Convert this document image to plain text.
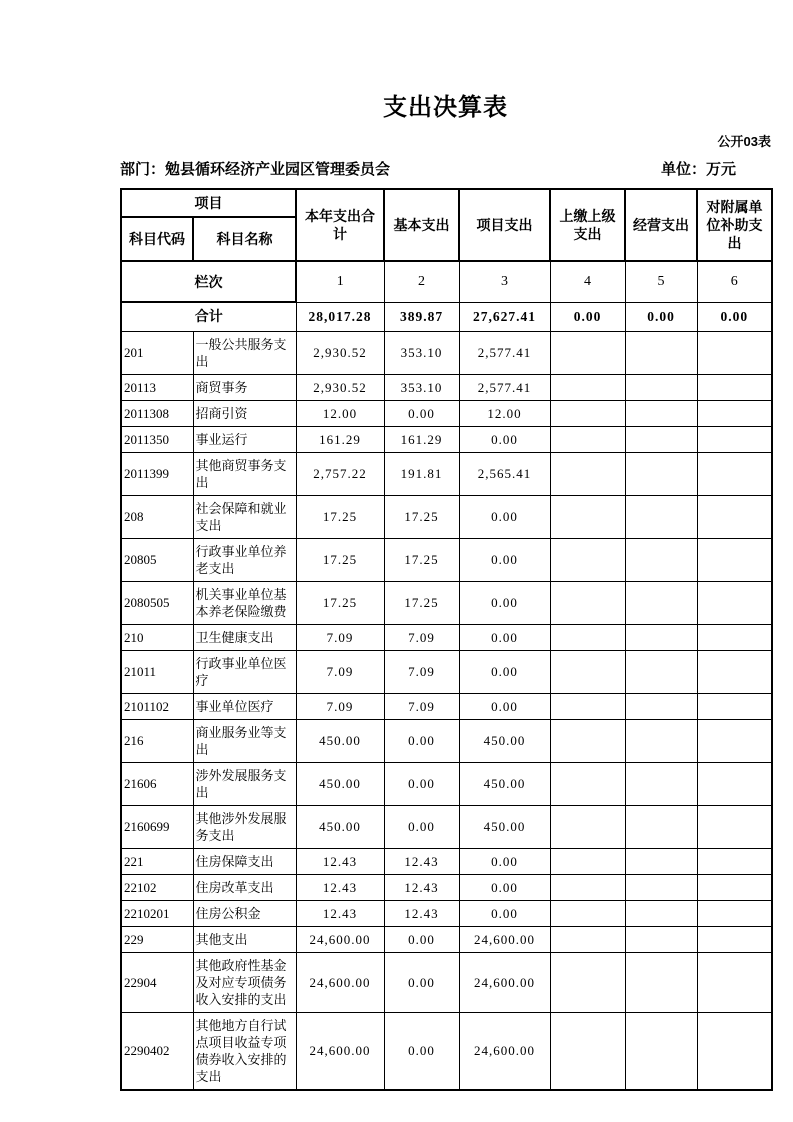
支出决算表
公开03表
部门：勉县循环经济产业园区管理委员会	单位：万元
项目		本年支出合计	基本支出	项目支出	上缴上级支出	经营支出	对附属单位补助支出
科目代码	科目名称						
栏次		1	2	3	4	5	6
合计		28,017.28	389.87	27,627.41	0.00	0.00	0.00
201	一般公共服务支出	2,930.52	353.10	2,577.41			
20113	商贸事务	2,930.52	353.10	2,577.41			
2011308	招商引资	12.00	0.00	12.00			
2011350	事业运行	161.29	161.29	0.00			
2011399	其他商贸事务支出	2,757.22	191.81	2,565.41			
208	社会保障和就业支出	17.25	17.25	0.00			
20805	行政事业单位养老支出	17.25	17.25	0.00			
2080505	机关事业单位基本养老保险缴费	17.25	17.25	0.00			
210	卫生健康支出	7.09	7.09	0.00			
21011	行政事业单位医疗	7.09	7.09	0.00			
2101102	事业单位医疗	7.09	7.09	0.00			
216	商业服务业等支出	450.00	0.00	450.00			
21606	涉外发展服务支出	450.00	0.00	450.00			
2160699	其他涉外发展服务支出	450.00	0.00	450.00			
221	住房保障支出	12.43	12.43	0.00			
22102	住房改革支出	12.43	12.43	0.00			
2210201	住房公积金	12.43	12.43	0.00			
229	其他支出	24,600.00	0.00	24,600.00			
22904	其他政府性基金及对应专项债务收入安排的支出	24,600.00	0.00	24,600.00			
2290402	其他地方自行试点项目收益专项债券收入安排的支出	24,600.00	0.00	24,600.00			
